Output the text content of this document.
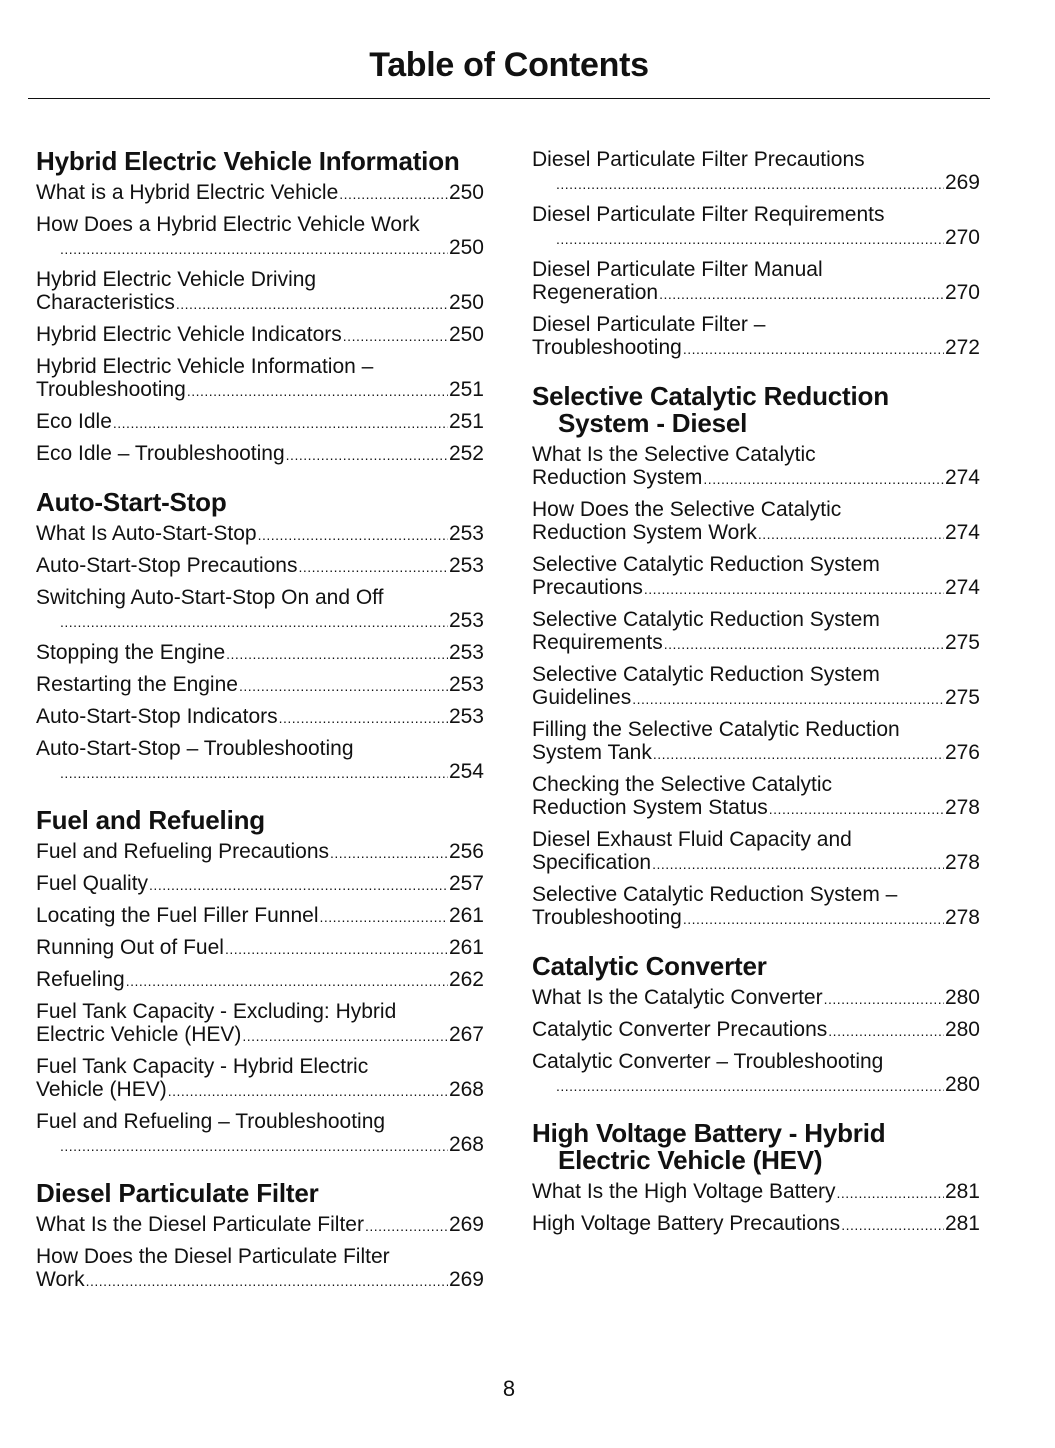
Table of Contents
Hybrid Electric Vehicle Information
What is a Hybrid Electric Vehicle .....	250
How Does a Hybrid Electric Vehicle Work
.....
250
Hybrid Electric Vehicle Driving
Characteristics .....	250
Hybrid Electric Vehicle Indicators .....	250
Hybrid Electric Vehicle Information –
Troubleshooting .....	251
Eco Idle .....	251
Eco Idle – Troubleshooting .....	252
Auto-Start-Stop
What Is Auto-Start-Stop .....	253
Auto-Start-Stop Precautions .....	253
Switching Auto-Start-Stop On and Off
.....
253
Stopping the Engine .....	253
Restarting the Engine .....	253
Auto-Start-Stop Indicators .....	253
Auto-Start-Stop – Troubleshooting
.....
254
Fuel and Refueling
Fuel and Refueling Precautions .....	256
Fuel Quality .....	257
Locating the Fuel Filler Funnel .....	261
Running Out of Fuel .....	261
Refueling .....	262
Fuel Tank Capacity - Excluding: Hybrid
Electric Vehicle (HEV) .....	267
Fuel Tank Capacity - Hybrid Electric
Vehicle (HEV) .....	268
Fuel and Refueling – Troubleshooting
.....
268
Diesel Particulate Filter
What Is the Diesel Particulate Filter .....	269
How Does the Diesel Particulate Filter
Work .....	269
Diesel Particulate Filter Precautions
.....
269
Diesel Particulate Filter Requirements
.....
270
Diesel Particulate Filter Manual
Regeneration .....	270
Diesel Particulate Filter –
Troubleshooting .....	272
Selective Catalytic Reduction System - Diesel
What Is the Selective Catalytic
Reduction System .....	274
How Does the Selective Catalytic
Reduction System Work .....	274
Selective Catalytic Reduction System
Precautions .....	274
Selective Catalytic Reduction System
Requirements .....	275
Selective Catalytic Reduction System
Guidelines .....	275
Filling the Selective Catalytic Reduction
System Tank .....	276
Checking the Selective Catalytic
Reduction System Status .....	278
Diesel Exhaust Fluid Capacity and
Specification .....	278
Selective Catalytic Reduction System –
Troubleshooting .....	278
Catalytic Converter
What Is the Catalytic Converter .....	280
Catalytic Converter Precautions .....	280
Catalytic Converter – Troubleshooting
.....
280
High Voltage Battery - Hybrid Electric Vehicle (HEV)
What Is the High Voltage Battery .....	281
High Voltage Battery Precautions .....	281
8
